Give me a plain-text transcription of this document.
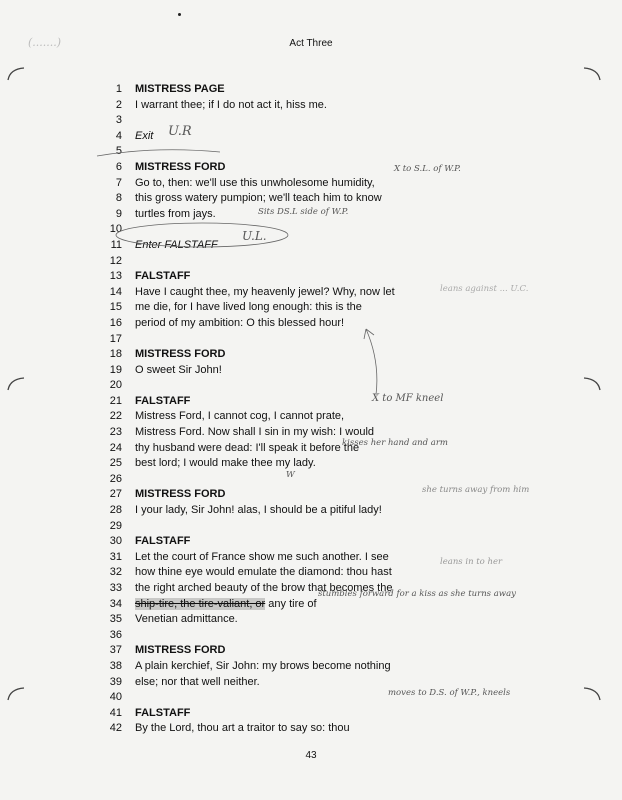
(.......)	Act Three
1 MISTRESS PAGE
2 I warrant thee; if I do not act it, hiss me.
3
4 Exit
5
6 MISTRESS FORD
7 Go to, then: we'll use this unwholesome humidity,
8 this gross watery pumpion; we'll teach him to know
9 turtles from jays.
10
11 Enter FALSTAFF
12
13 FALSTAFF
14 Have I caught thee, my heavenly jewel? Why, now let
15 me die, for I have lived long enough: this is the
16 period of my ambition: O this blessed hour!
17
18 MISTRESS FORD
19 O sweet Sir John!
20
21 FALSTAFF
22 Mistress Ford, I cannot cog, I cannot prate,
23 Mistress Ford. Now shall I sin in my wish: I would
24 thy husband were dead: I'll speak it before the
25 best lord; I would make thee my lady.
26
27 MISTRESS FORD
28 I your lady, Sir John! alas, I should be a pitiful lady!
29
30 FALSTAFF
31 Let the court of France show me such another. I see
32 how thine eye would emulate the diamond: thou hast
33 the right arched beauty of the brow that becomes the
34 ship-tire, the tire-valiant, or any tire of
35 Venetian admittance.
36
37 MISTRESS FORD
38 A plain kerchief, Sir John: my brows become nothing
39 else; nor that well neither.
40
41 FALSTAFF
42 By the Lord, thou art a traitor to say so: thou
U.R
X to S.L. of W.P.
Sits DS.L side of W.P.
U.L.
leans against ... U.C.
X to MF kneel
kisses her hand and arm
W
she turns away from him
leans in to her
stumbles forward for a kiss as she turns away
moves to D.S. of W.P., kneels
43
